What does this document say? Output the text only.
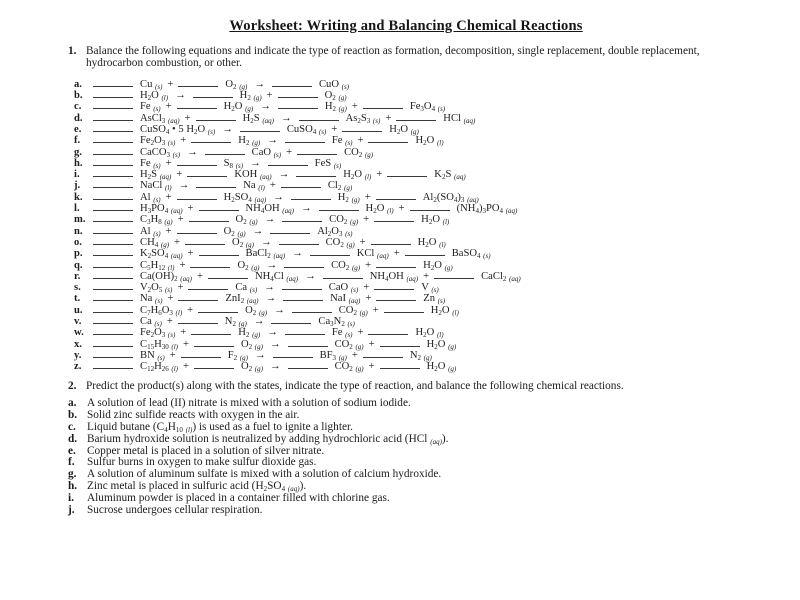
Worksheet: Writing and Balancing Chemical Reactions
1. Balance the following equations and indicate the type of reaction as formation, decomposition, single replacement, double replacement, hydrocarbon combustion, or other.
a.	Cu (s) +	$O_2$ (g) →	CuO (s)
b.	$H_2O$ (l) →	$H_2$ (g) +	$O_2$ (g)
c.	Fe (s) +	$H_2O$ (g) →	$H_2$ (g) +	$Fe_3O_4$ (s)
d.	AsCl$_3$ (aq) +	$H_2S$ (aq) →	$As_2S_3$ (s) +	HCl (aq)
e.	CuSO$_4$ • 5 $H_2O$ (s) →	CuSO$_4$ (s) +	$H_2O$ (g)
f.	$Fe_2O_3$ (s) +	$H_2$ (g) →	Fe (s) +	$H_2O$ (l)
g.	CaCO$_3$ (s) →	CaO (s) +	$CO_2$ (g)
h.	Fe (s) +	$S_8$ (s) →	FeS (s)
i.	$H_2S$ (aq) +	KOH (aq) →	$H_2O$ (l) +	$K_2S$ (aq)
j.	NaCl (l) →	Na (l) +	$Cl_2$ (g)
k.	Al (s) +	$H_2SO_4$ (aq) →	$H_2$ (g) +	$Al_2(SO_4)_3$ (aq)
l.	$H_3PO_4$ (aq) +	$NH_4OH$ (aq) →	$H_2O$ (l) +	$(NH_4)_3PO_4$ (aq)
m.	$C_3H_8$ (g) +	$O_2$ (g) →	$CO_2$ (g) +	$H_2O$ (l)
n.	Al (s) +	$O_2$ (g) →	$Al_2O_3$ (s)
o.	$CH_4$ (g) +	$O_2$ (g) →	$CO_2$ (g) +	$H_2O$ (l)
p.	$K_2SO_4$ (aq) +	BaCl$_2$ (aq) →	KCl (aq) +	BaSO$_4$ (s)
q.	$C_5H_{12}$ (l) +	$O_2$ (g) →	$CO_2$ (g) +	$H_2O$ (g)
r.	$Ca(OH)_2$ (aq) +	$NH_4Cl$ (aq) →	$NH_4OH$ (aq) +	CaCl$_2$ (aq)
s.	$V_2O_5$ (s) +	Ca (s) →	CaO (s) +	V (s)
t.	Na (s) +	ZnI$_2$ (aq) →	NaI (aq) +	Zn (s)
u.	$C_7H_6O_3$ (l) +	$O_2$ (g) →	$CO_2$ (g) +	$H_2O$ (l)
v.	Ca (s) +	$N_2$ (g) →	$Ca_3N_2$ (s)
w.	$Fe_2O_3$ (s) +	$H_2$ (g) →	Fe (s) +	$H_2O$ (l)
x.	$C_{15}H_{30}$ (l) +	$O_2$ (g) →	$CO_2$ (g) +	$H_2O$ (g)
y.	BN (s) +	$F_2$ (g) →	$BF_3$ (g) +	$N_2$ (g)
z.	$C_{12}H_{26}$ (l) +	$O_2$ (g) →	$CO_2$ (g) +	$H_2O$ (g)
2. Predict the product(s) along with the states, indicate the type of reaction, and balance the following chemical reactions.
a. A solution of lead (II) nitrate is mixed with a solution of sodium iodide.
b. Solid zinc sulfide reacts with oxygen in the air.
c. Liquid butane ($C_4H_{10}$ (l)) is used as a fuel to ignite a lighter.
d. Barium hydroxide solution is neutralized by adding hydrochloric acid (HCl (aq)).
e. Copper metal is placed in a solution of silver nitrate.
f.	Sulfur burns in oxygen to make sulfur dioxide gas.
g. A solution of aluminum sulfate is mixed with a solution of calcium hydroxide.
h. Zinc metal is placed in sulfuric acid ($H_2SO_4$ (aq)).
i.	Aluminum powder is placed in a container filled with chlorine gas.
j.	Sucrose undergoes cellular respiration.
